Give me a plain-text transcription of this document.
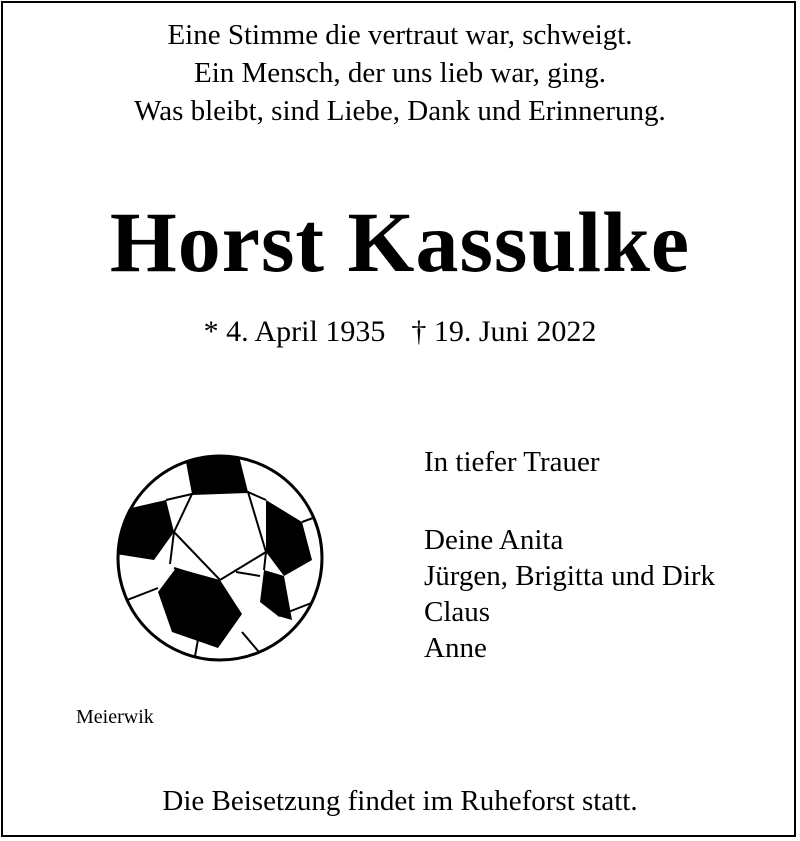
Eine Stimme die vertraut war, schweigt.
Ein Mensch, der uns lieb war, ging.
Was bleibt, sind Liebe, Dank und Erinnerung.
Horst Kassulke
* 4. April 1935 † 19. Juni 2022
In tiefer Trauer
Deine Anita
Jürgen, Brigitta und Dirk
Claus
Anne
Meierwik
Die Beisetzung findet im Ruheforst statt.
